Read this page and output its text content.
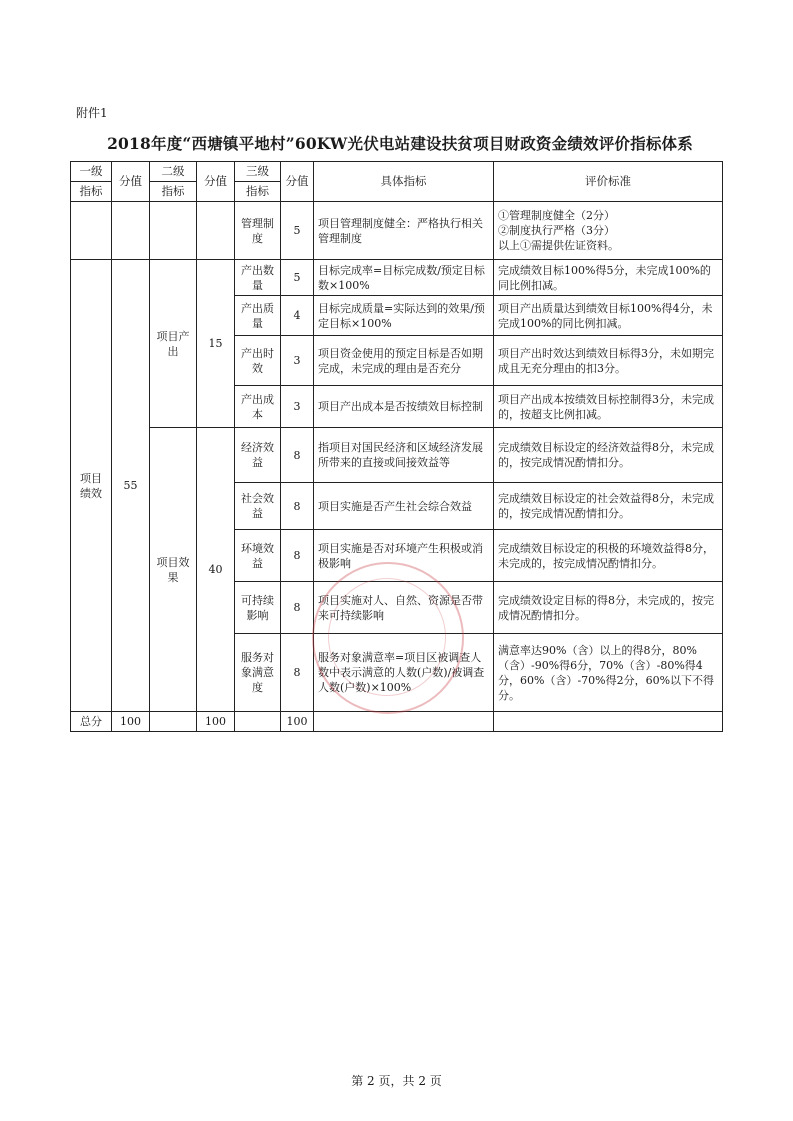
附件1
2018年度“西塘镇平地村”60KW光伏电站建设扶贫项目财政资金绩效评价指标体系
一级	分值	二级	分值	三级	分值	具体指标	评价标准
指标		指标		指标			
				管理制度	5	项目管理制度健全：严格执行相关管理制度	①管理制度健全（2分）
②制度执行严格（3分）
以上①需提供佐证资料。

项目绩效	55	项目产出	15	产出数量	5	目标完成率=目标完成数/预定目标数×100%	完成绩效目标100%得5分，未完成100%的同比例扣减。
				产出质量	4	目标完成质量=实际达到的效果/预定目标×100%	项目产出质量达到绩效目标100%得4分，未完成100%的同比例扣减。
				产出时效	3	项目资金使用的预定目标是否如期完成，未完成的理由是否充分	项目产出时效达到绩效目标得3分，未如期完成且无充分理由的扣3分。
				产出成本	3	项目产出成本是否按绩效目标控制	项目产出成本按绩效目标控制得3分，未完成的，按超支比例扣减。
		项目效果	40	经济效益	8	指项目对国民经济和区域经济发展所带来的直接或间接效益等	完成绩效目标设定的经济效益得8分，未完成的，按完成情况酌情扣分。
				社会效益	8	项目实施是否产生社会综合效益	完成绩效目标设定的社会效益得8分，未完成的，按完成情况酌情扣分。
				环境效益	8	项目实施是否对环境产生积极或消极影响	完成绩效目标设定的积极的环境效益得8分，未完成的，按完成情况酌情扣分。
				可持续影响	8	项目实施对人、自然、资源是否带来可持续影响	完成绩效设定目标的得8分，未完成的，按完成情况酌情扣分。
				服务对象满意度	8	服务对象满意率=项目区被调查人数中表示满意的人数(户数)/被调查人数(户数)×100%	满意率达90%（含）以上的得8分，80%（含）-90%得6分，70%（含）-80%得4分，60%（含）-70%得2分，60%以下不得分。
总分	100		100		100		
第 2 页，共 2 页
